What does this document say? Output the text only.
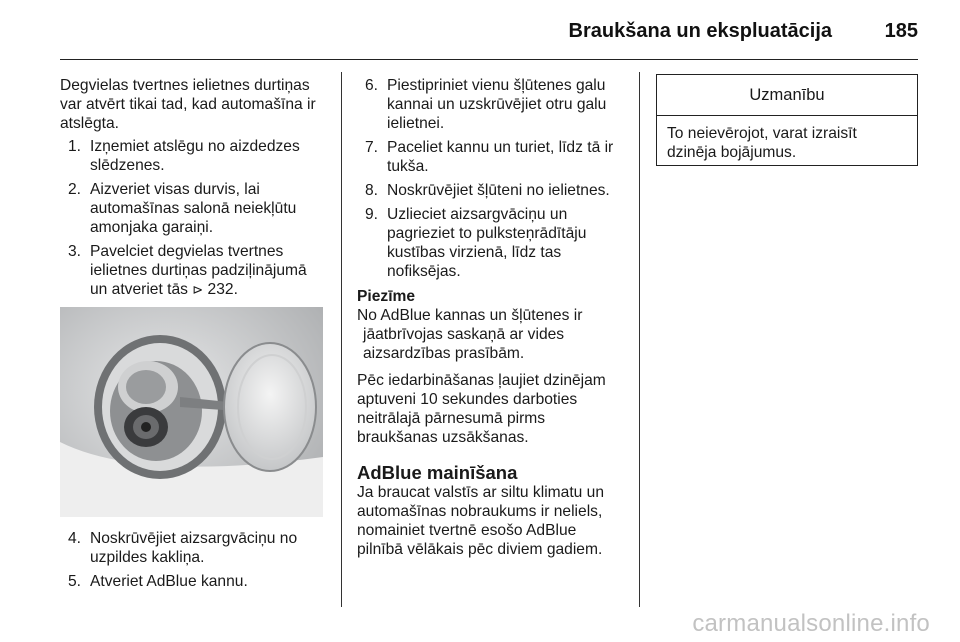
Braukšana un ekspluatācija	185

Degvielas tvertnes ielietnes durtiņas var atvērt tikai tad, kad automašīna ir atslēgta.

1. Izņemiet atslēgu no aizdedzes slēdzenes.
2. Aizveriet visas durvis, lai automašīnas salonā neiekļūtu amonjaka garaiņi.
3. Pavelciet degvielas tvertnes ielietnes durtiņas padziļinājumā un atveriet tās ⊳ 232.
4. Noskrūvējiet aizsargvāciņu no uzpildes kakliņa.
5. Atveriet AdBlue kannu.
6. Piestipriniet vienu šļūtenes galu kannai un uzskrūvējiet otru galu ielietnei.
7. Paceliet kannu un turiet, līdz tā ir tukša.
8. Noskrūvējiet šļūteni no ielietnes.
9. Uzlieciet aizsargvāciņu un pagrieziet to pulksteņrādītāju kustības virzienā, līdz tas nofiksējas.
Piezīme

No AdBlue kannas un šļūtenes ir jāatbrīvojas saskaņā ar vides aizsardzības prasībām.

Pēc iedarbināšanas ļaujiet dzinējam aptuveni 10 sekundes darboties neitrālajā pārnesumā pirms braukšanas uzsākšanas.

AdBlue mainīšana

Ja braucat valstīs ar siltu klimatu un automašīnas nobraukums ir neliels, nomainiet tvertnē esošo AdBlue pilnībā vēlākais pēc diviem gadiem.

Uzmanību
To neievērojot, varat izraisīt dzinēja bojājumus.
carmanualsonline.info
